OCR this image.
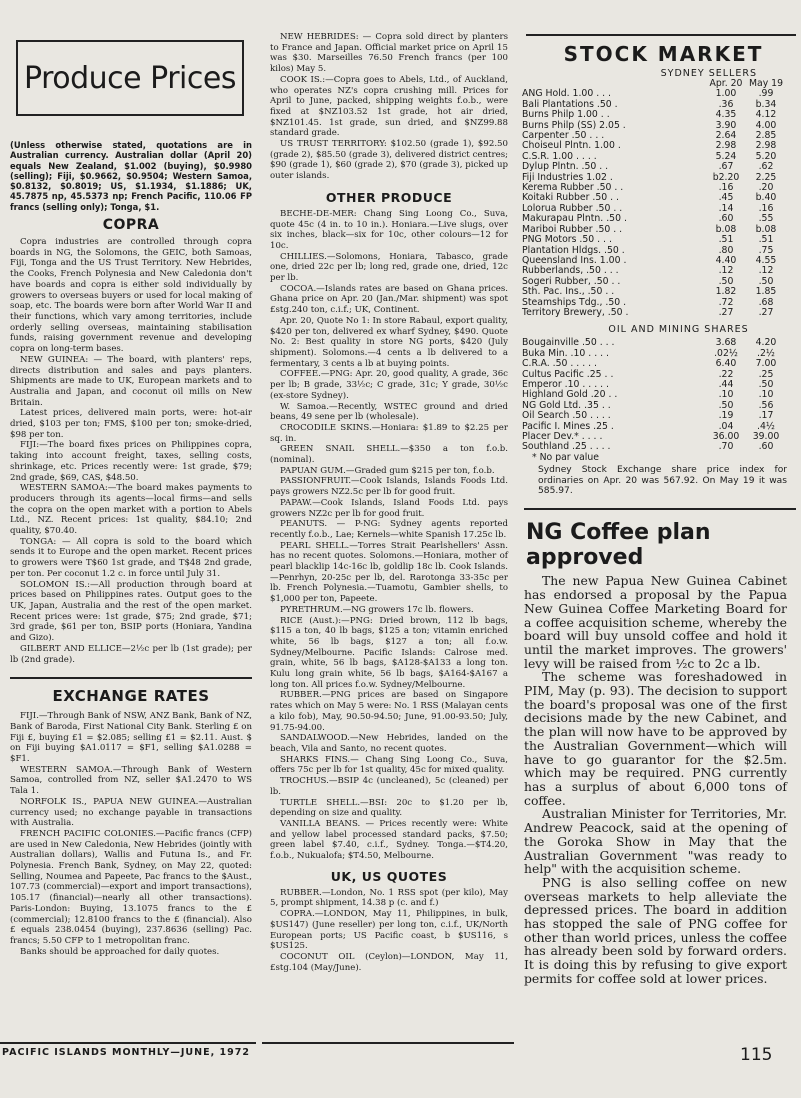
Produce Prices

(Unless otherwise stated, quotations are in Australian currency. Australian dollar (April 20) equals New Zealand, $1.002 (buying), $0.9980 (selling); Fiji, $0.9662, $0.9504; Western Samoa, $0.8132, $0.8019; US, $1.1934, $1.1886; UK, 45.7875 np, 45.5373 np; French Pacific, 110.06 FP francs (selling only); Tonga, $1.

COPRA

Copra industries are controlled through copra boards in NG, the Solomons, the GEIC, both Samoas, Fiji, Tonga and the US Trust Territory. New Hebrides, the Cooks, French Polynesia and New Caledonia don't have boards and copra is either sold individually by growers to overseas buyers or used for local making of soap, etc. The boards were born after World War II and their functions, which vary among territories, include orderly selling overseas, maintaining stabilisation funds, raising government revenue and developing copra on long-term bases.

NEW GUINEA: — The board, with planters' reps, directs distribution and sales and pays planters. Shipments are made to UK, European markets and to Australia and Japan, and coconut oil mills on New Britain.

Latest prices, delivered main ports, were: hot-air dried, $103 per ton; FMS, $100 per ton; smoke-dried, $98 per ton.

FIJI:—The board fixes prices on Philippines copra, taking into account freight, taxes, selling costs, shrinkage, etc. Prices recently were: 1st grade, $79; 2nd grade, $69, CAS, $48.50.

WESTERN SAMOA:—The board makes payments to producers through its agents—local firms—and sells the copra on the open market with a portion to Abels Ltd., NZ. Recent prices: 1st quality, $84.10; 2nd quality, $70.40.

TONGA: — All copra is sold to the board which sends it to Europe and the open market. Recent prices to growers were T$60 1st grade, and T$48 2nd grade, per ton. Per coconut 1.2 c. in force until July 31.

SOLOMON IS.:—All production through board at prices based on Philippines rates. Output goes to the UK, Japan, Australia and the rest of the open market. Recent prices were: 1st grade, $75; 2nd grade, $71; 3rd grade, $61 per ton, BSIP ports (Honiara, Yandina and Gizo).

GILBERT AND ELLICE—2½c per lb (1st grade); per lb (2nd grade).

EXCHANGE RATES

FIJI.—Through Bank of NSW, ANZ Bank, Bank of NZ, Bank of Baroda, First National City Bank. Sterling £ on Fiji £, buying £1 = $2.085; selling £1 = $2.11. Aust. $ on Fiji buying $A1.0117 = $F1, selling $A1.0288 = $F1.

WESTERN SAMOA.—Through Bank of Western Samoa, controlled from NZ, seller $A1.2470 to WS Tala 1.

NORFOLK IS., PAPUA NEW GUINEA.—Australian currency used; no exchange payable in transactions with Australia.

FRENCH PACIFIC COLONIES.—Pacific francs (CFP) are used in New Caledonia, New Hebrides (jointly with Australian dollars), Wallis and Futuna Is., and Fr. Polynesia. French Bank, Sydney, on May 22, quoted: Selling, Noumea and Papeete, Pac francs to the $Aust., 107.73 (commercial)—export and import transactions), 105.17 (financial)—nearly all other transactions). Paris-London: Buying, 13.1075 francs to the £ (commercial); 12.8100 francs to the £ (financial). Also £ equals 238.0454 (buying), 237.8636 (selling) Pac. francs; 5.50 CFP to 1 metropolitan franc.

Banks should be approached for daily quotes.

PACIFIC ISLANDS MONTHLY—JUNE, 1972

NEW HEBRIDES: — Copra sold direct by planters to France and Japan. Official market price on April 15 was $30. Marseilles 76.50 French francs (per 100 kilos) May 5.

COOK IS.:—Copra goes to Abels, Ltd., of Auckland, who operates NZ's copra crushing mill. Prices for April to June, packed, shipping weights f.o.b., were fixed at $NZ103.52 1st grade, hot air dried, $NZ101.45. 1st grade, sun dried, and $NZ99.88 standard grade.

US TRUST TERRITORY: $102.50 (grade 1), $92.50 (grade 2), $85.50 (grade 3), delivered district centres; $90 (grade 1), $60 (grade 2), $70 (grade 3), picked up outer islands.

OTHER PRODUCE

BECHE-DE-MER: Chang Sing Loong Co., Suva, quote 45c (4 in. to 10 in.). Honiara.—Live slugs, over six inches, black—six for 10c, other colours—12 for 10c.

CHILLIES.—Solomons, Honiara, Tabasco, grade one, dried 22c per lb; long red, grade one, dried, 12c per lb.

COCOA.—Islands rates are based on Ghana prices. Ghana price on Apr. 20 (Jan./Mar. shipment) was spot £stg.240 ton, c.i.f.; UK, Continent.

Apr. 20, Quote No 1: In store Rabaul, export quality, $420 per ton, delivered ex wharf Sydney, $490. Quote No. 2: Best quality in store NG ports, $420 (July shipment). Solomons.—4 cents a lb delivered to a fermentary, 3 cents a lb at buying points.

COFFEE.—PNG: Apr. 20, good quality, A grade, 36c per lb; B grade, 33½c; C grade, 31c; Y grade, 30½c (ex-store Sydney).

W. Samoa.—Recently, WSTEC ground and dried beans, 49 sene per lb (wholesale).

CROCODILE SKINS.—Honiara: $1.89 to $2.25 per sq. in.

GREEN SNAIL SHELL.—$350 a ton f.o.b. (nominal).

PAPUAN GUM.—Graded gum $215 per ton, f.o.b.

PASSIONFRUIT.—Cook Islands, Islands Foods Ltd. pays growers NZ2.5c per lb for good fruit.

PAPAW.—Cook Islands, Island Foods Ltd. pays growers NZ2c per lb for good fruit.

PEANUTS. — P-NG: Sydney agents reported recently f.o.b., Lae; Kernels—white Spanish 17.25c lb.

PEARL SHELL.—Torres Strait Pearlshellers' Assn. has no recent quotes. Solomons.—Honiara, mother of pearl blacklip 14c-16c lb, goldlip 18c lb. Cook Islands.—Penrhyn, 20-25c per lb, del. Rarotonga 33-35c per lb. French Polynesia.—Tuamotu, Gambier shells, to $1,000 per ton, Papeete.

PYRETHRUM.—NG growers 17c lb. flowers.

RICE (Aust.):—PNG: Dried brown, 112 lb bags, $115 a ton, 40 lb bags, $125 a ton; vitamin enriched white, 56 lb bags, $127 a ton; all f.o.w. Sydney/Melbourne. Pacific Islands: Calrose med. grain, white, 56 lb bags, $A128-$A133 a long ton. Kulu long grain white, 56 lb bags, $A164-$A167 a long ton. All prices f.o.w. Sydney/Melbourne.

RUBBER.—PNG prices are based on Singapore rates which on May 5 were: No. 1 RSS (Malayan cents a kilo fob), May, 90.50-94.50; June, 91.00-93.50; July, 91.75-94.00.

SANDALWOOD.—New Hebrides, landed on the beach, Vila and Santo, no recent quotes.

SHARKS FINS.— Chang Sing Loong Co., Suva, offers 75c per lb for 1st quality, 45c for mixed quality.

TROCHUS.—BSIP 4c (uncleaned), 5c (cleaned) per lb.

TURTLE SHELL.—BSI: 20c to $1.20 per lb, depending on size and quality.

VANILLA BEANS. — Prices recently were: White and yellow label processed standard packs, $7.50; green label $7.40, c.i.f., Sydney. Tonga.—$T4.20, f.o.b., Nukualofa; $T4.50, Melbourne.

UK, US QUOTES

RUBBER.—London, No. 1 RSS spot (per kilo), May 5, prompt shipment, 14.38 p (c. and f.)

COPRA.—LONDON, May 11, Philippines, in bulk, $US147) (June reseller) per long ton, c.i.f., UK/North European ports; US Pacific coast, b $US116, s $US125.

COCONUT OIL (Ceylon)—LONDON, May 11, £stg.104 (May/June).

STOCK MARKET
SYDNEY SELLERS
	Apr. 20	May 19
ANG Hold. 1.00 . . .	1.00	.99
Bali Plantations .50 .	.36	b.34
Burns Philp 1.00 . .	4.35	4.12
Burns Philp (SS) 2.05 .	3.90	4.00
Carpenter .50 . . .	2.64	2.85
Choiseul Plntn. 1.00 .	2.98	2.98
C.S.R. 1.00 . . . .	5.24	5.20
Dylup Plntn. .50 . .	.67	.62
Fiji Industries 1.02 .	b2.20	2.25
Kerema Rubber .50 . .	.16	.20
Koitaki Rubber .50 . .	.45	b.40
Lolorua Rubber .50 . .	.14	.16
Makurapau Plntn. .50 .	.60	.55
Mariboi Rubber .50 . .	b.08	b.08
PNG Motors .50 . . .	.51	.51
Plantation Hldgs. .50 .	.80	.75
Queensland Ins. 1.00 .	4.40	4.55
Rubberlands, .50 . . .	.12	.12
Sogeri Rubber, .50 . .	.50	.50
Sth. Pac. Ins., .50 . .	1.82	1.85
Steamships Tdg., .50 .	.72	.68
Territory Brewery, .50 .	.27	.27
OIL AND MINING SHARES
Bougainville .50 . . .	3.68	4.20
Buka Min. .10 . . . .	.02½	.2½
C.R.A. .50 . . . . .	6.40	7.00
Cultus Pacific .25 . .	.22	.25
Emperor .10 . . . . .	.44	.50
Highland Gold .20 . .	.10	.10
NG Gold Ltd. .35 . .	.50	.56
Oil Search .50 . . . .	.19	.17
Pacific I. Mines .25 .	.04	.4½
Placer Dev.* . . . .	36.00	39.00
Southland .25 . . . .	.70	.60
* No par value

Sydney Stock Exchange share price index for ordinaries on Apr. 20 was 567.92. On May 19 it was 585.97.

NG Coffee plan approved

The new Papua New Guinea Cabinet has endorsed a proposal by the Papua New Guinea Coffee Marketing Board for a coffee acquisition scheme, whereby the board will buy unsold coffee and hold it until the market improves. The growers' levy will be raised from ½c to 2c a lb.

The scheme was foreshadowed in PIM, May (p. 93). The decision to support the board's proposal was one of the first decisions made by the new Cabinet, and the plan will now have to be approved by the Australian Government—which will have to go guarantor for the $2.5m. which may be required. PNG currently has a surplus of about 6,000 tons of coffee.

Australian Minister for Territories, Mr. Andrew Peacock, said at the opening of the Goroka Show in May that the Australian Government "was ready to help" with the acquisition scheme.

PNG is also selling coffee on new overseas markets to help alleviate the depressed prices. The board in addition has stopped the sale of PNG coffee for other than world prices, unless the coffee has already been sold by forward orders. It is doing this by refusing to give export permits for coffee sold at lower prices.

115
